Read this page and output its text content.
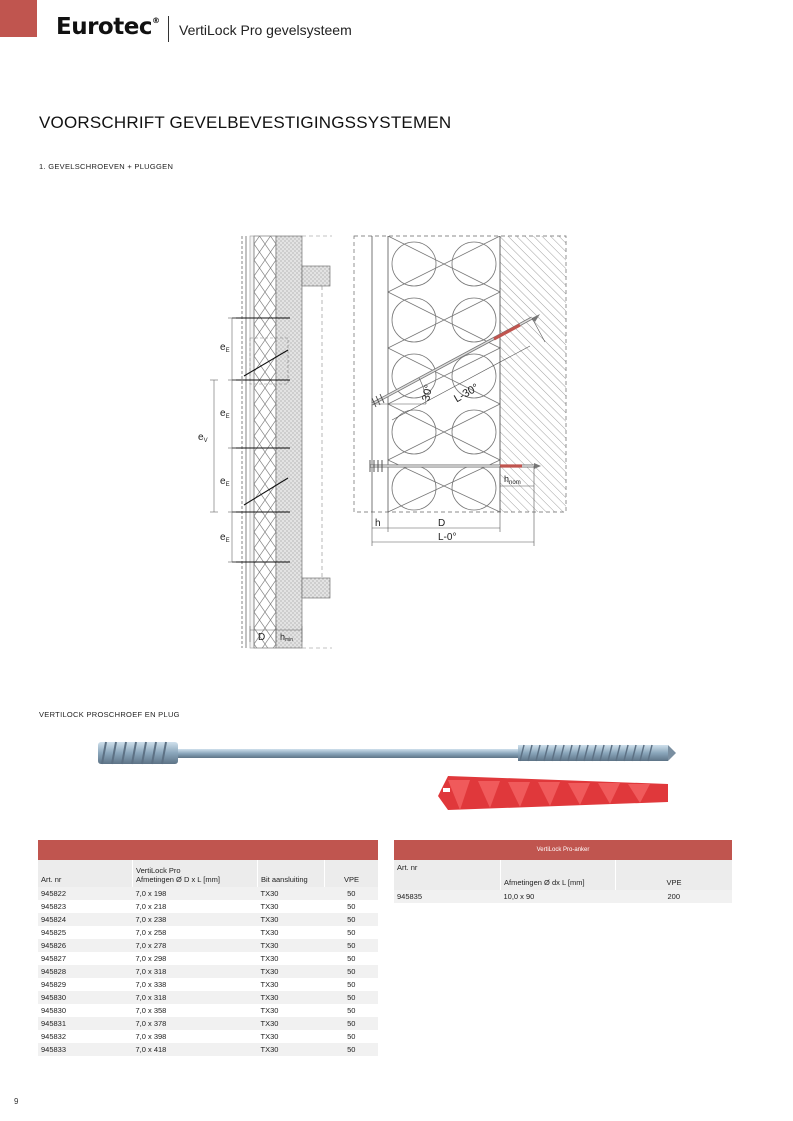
Eurotec®
VertiLock Pro gevelsysteem
VOORSCHRIFT GEVELBEVESTIGINGSSYSTEMEN
1. GEVELSCHROEVEN + PLUGGEN
$e_E$
$e_E$
$e_E$
$e_E$
$e_V$
D hmin
30° L-30°
$h_{nom}$
h	D
L-0°
VERTILOCK PROSCHROEF EN PLUG

Art. nr	VertiLock Pro
Afmetingen Ø D x L [mm]	Bit aansluiting	VPE
945822	7,0 x 198	TX30	50
945823	7,0 x 218	TX30	50
945824	7,0 x 238	TX30	50
945825	7,0 x 258	TX30	50
945826	7,0 x 278	TX30	50
945827	7,0 x 298	TX30	50
945828	7,0 x 318	TX30	50
945829	7,0 x 338	TX30	50
945830	7,0 x 318	TX30	50
945830	7,0 x 358	TX30	50
945831	7,0 x 378	TX30	50
945832	7,0 x 398	TX30	50
945833	7,0 x 418	TX30	50
VertiLock Pro-anker		
Art. nr	Afmetingen Ø dx L [mm]	VPE
945835	10,0 x 90	200
9
